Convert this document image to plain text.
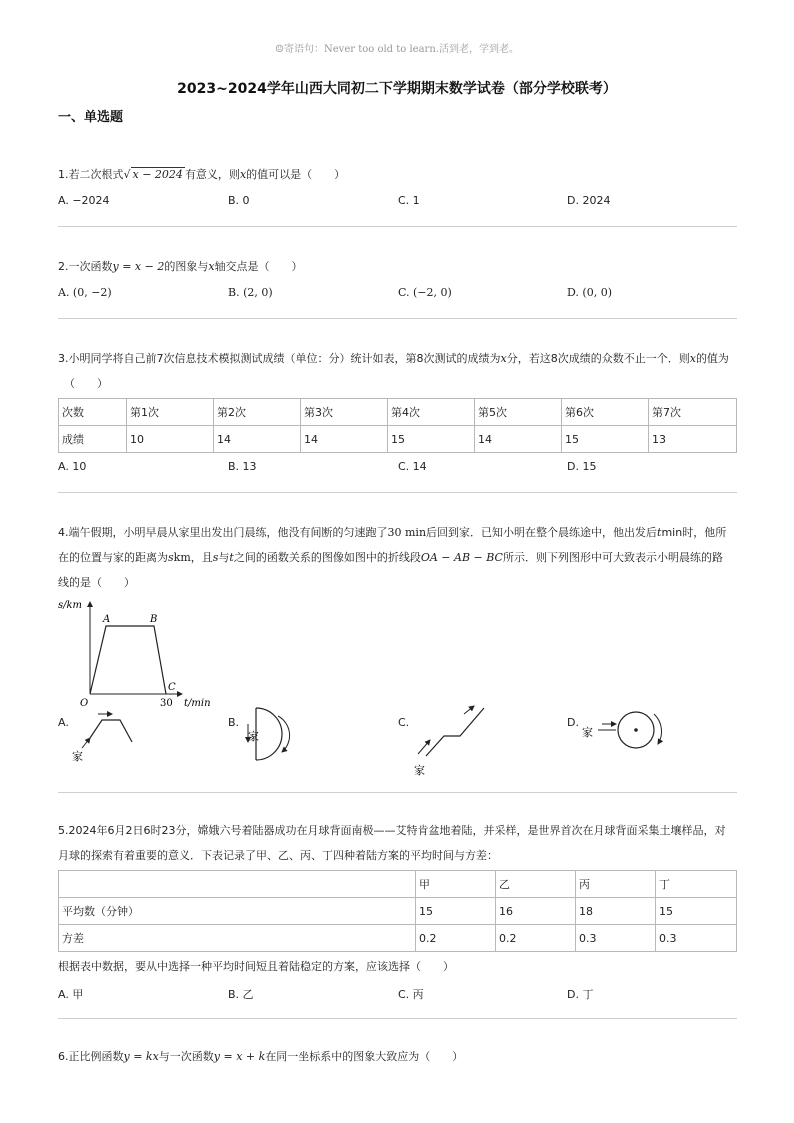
☺寄语句：Never too old to learn.活到老，学到老。
2023~2024学年山西大同初二下学期期末数学试卷（部分学校联考）
一、单选题
1.若二次根式√ x − 2024 有意义，则x的值可以是（　　）
A. −2024	B. 0	C. 1	D. 2024
2.一次函数y = x − 2的图象与x轴交点是（　　）
A. (0, −2)	B. (2, 0)	C. (−2, 0)	D. (0, 0)
3.小明同学将自己前7次信息技术模拟测试成绩（单位：分）统计如表，第8次测试的成绩为x分，若这8次成绩的众数不止一个．则x的值为
（　　）
次数	第1次	第2次	第3次	第4次	第5次	第6次	第7次
成绩	10	14	14	15	14	15	13
A. 10	B. 13	C. 14	D. 15
4.端午假期，小明早晨从家里出发出门晨练，他没有间断的匀速跑了30 min后回到家．已知小明在整个晨练途中，他出发后tmin时，他所
在的位置与家的距离为skm，且s与t之间的函数关系的图像如图中的折线段OA − AB − BC所示．则下列图形中可大致表示小明晨练的路
线的是（　　）
s/km
t/min
A	B
C
O	30
A.
家
B.
家
C.
家
D.
家
5.2024年6月2日6时23分，嫦娥六号着陆器成功在月球背面南极——艾特肯盆地着陆，并采样，是世界首次在月球背面采集土壤样品，对
月球的探索有着重要的意义．下表记录了甲、乙、丙、丁四种着陆方案的平均时间与方差：
	甲	乙	丙	丁
平均数（分钟）	15	16	18	15
方差	0.2	0.2	0.3	0.3
根据表中数据，要从中选择一种平均时间短且着陆稳定的方案，应该选择（　　）
A. 甲	B. 乙	C. 丙	D. 丁
6.正比例函数y = kx与一次函数y = x + k在同一坐标系中的图象大致应为（　　）
